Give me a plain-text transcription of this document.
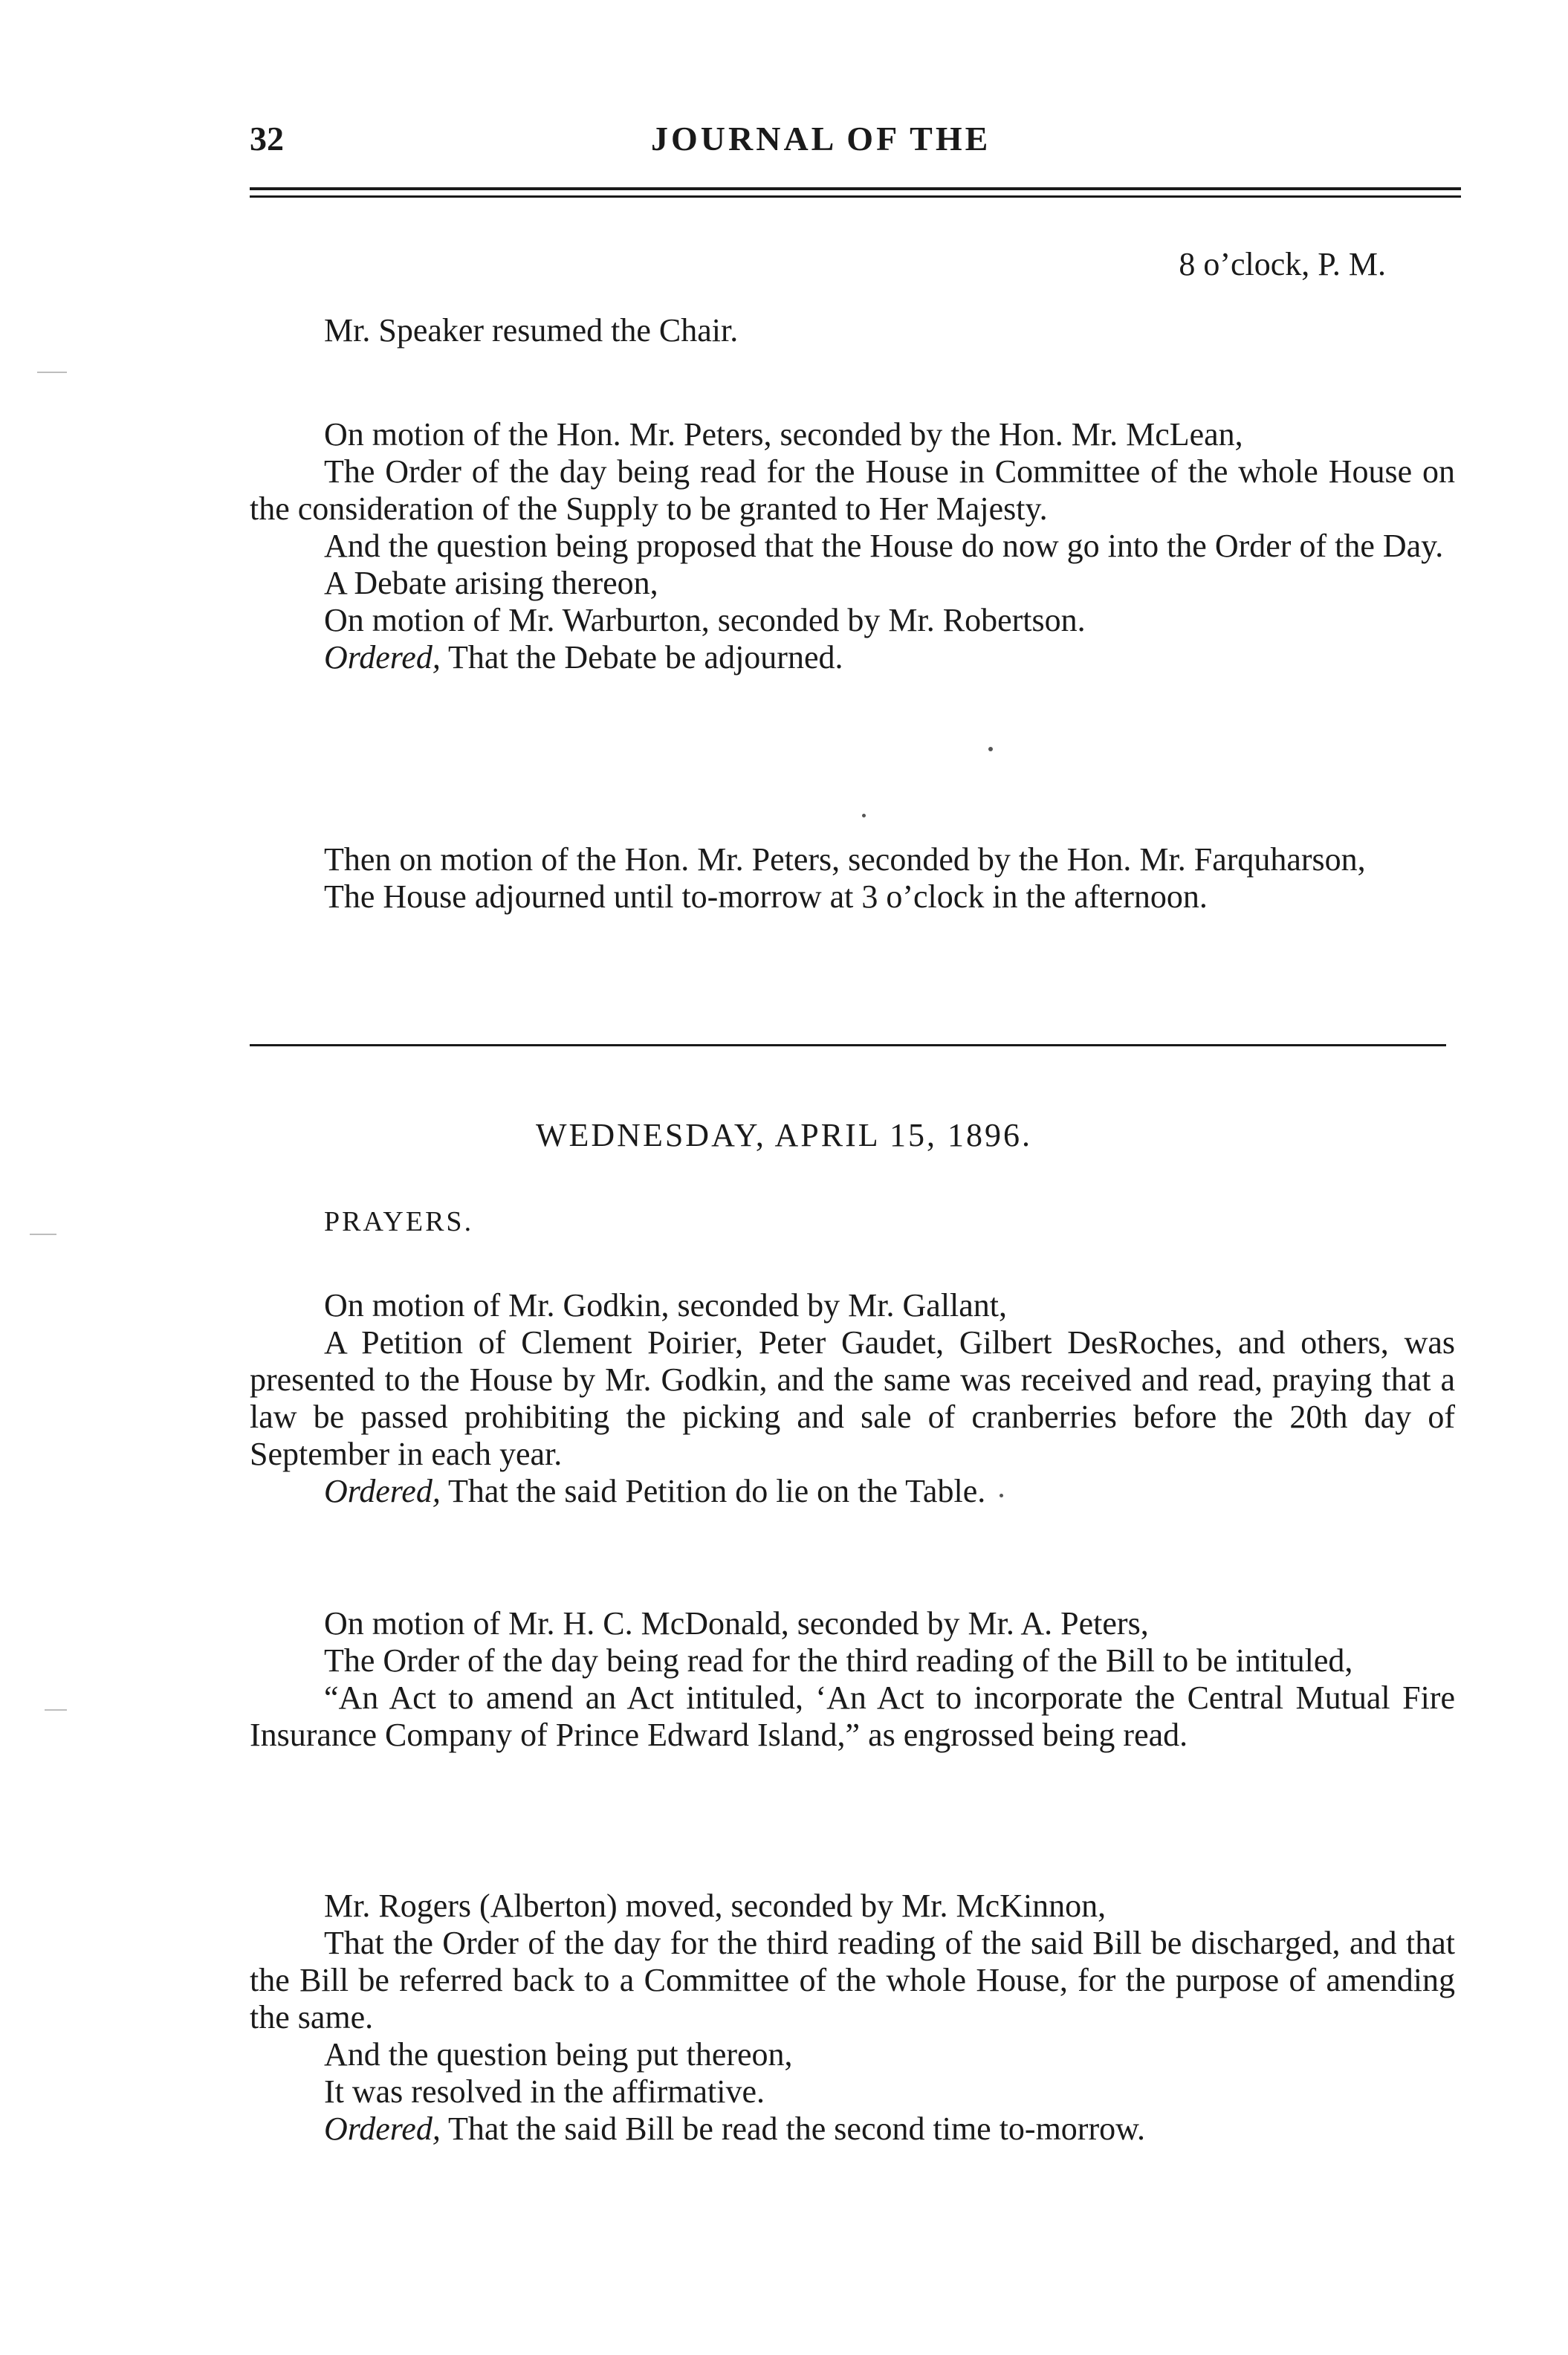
32	JOURNAL OF THE
8 o’clock, P. M.

Mr. Speaker resumed the Chair.

On motion of the Hon. Mr. Peters, seconded by the Hon. Mr. McLean,

The Order of the day being read for the House in Committee of the whole House on the consideration of the Supply to be granted to Her Majesty.

And the question being proposed that the House do now go into the Order of the Day.

A Debate arising thereon,

On motion of Mr. Warburton, seconded by Mr. Robertson.

Ordered, That the Debate be adjourned.

Then on motion of the Hon. Mr. Peters, seconded by the Hon. Mr. Farquharson,

The House adjourned until to-morrow at 3 o’clock in the afternoon.

WEDNESDAY, APRIL 15, 1896.
PRAYERS.

On motion of Mr. Godkin, seconded by Mr. Gallant,

A Petition of Clement Poirier, Peter Gaudet, Gilbert DesRoches, and others, was presented to the House by Mr. Godkin, and the same was received and read, praying that a law be passed prohibiting the picking and sale of cranberries before the 20th day of September in each year.

Ordered, That the said Petition do lie on the Table.

On motion of Mr. H. C. McDonald, seconded by Mr. A. Peters,

The Order of the day being read for the third reading of the Bill to be intituled,

“An Act to amend an Act intituled, ‘An Act to incorporate the Central Mutual Fire Insurance Company of Prince Edward Island,” as engrossed being read.

Mr. Rogers (Alberton) moved, seconded by Mr. McKinnon,

That the Order of the day for the third reading of the said Bill be discharged, and that the Bill be referred back to a Committee of the whole House, for the purpose of amending the same.

And the question being put thereon,

It was resolved in the affirmative.

Ordered, That the said Bill be read the second time to-morrow.
